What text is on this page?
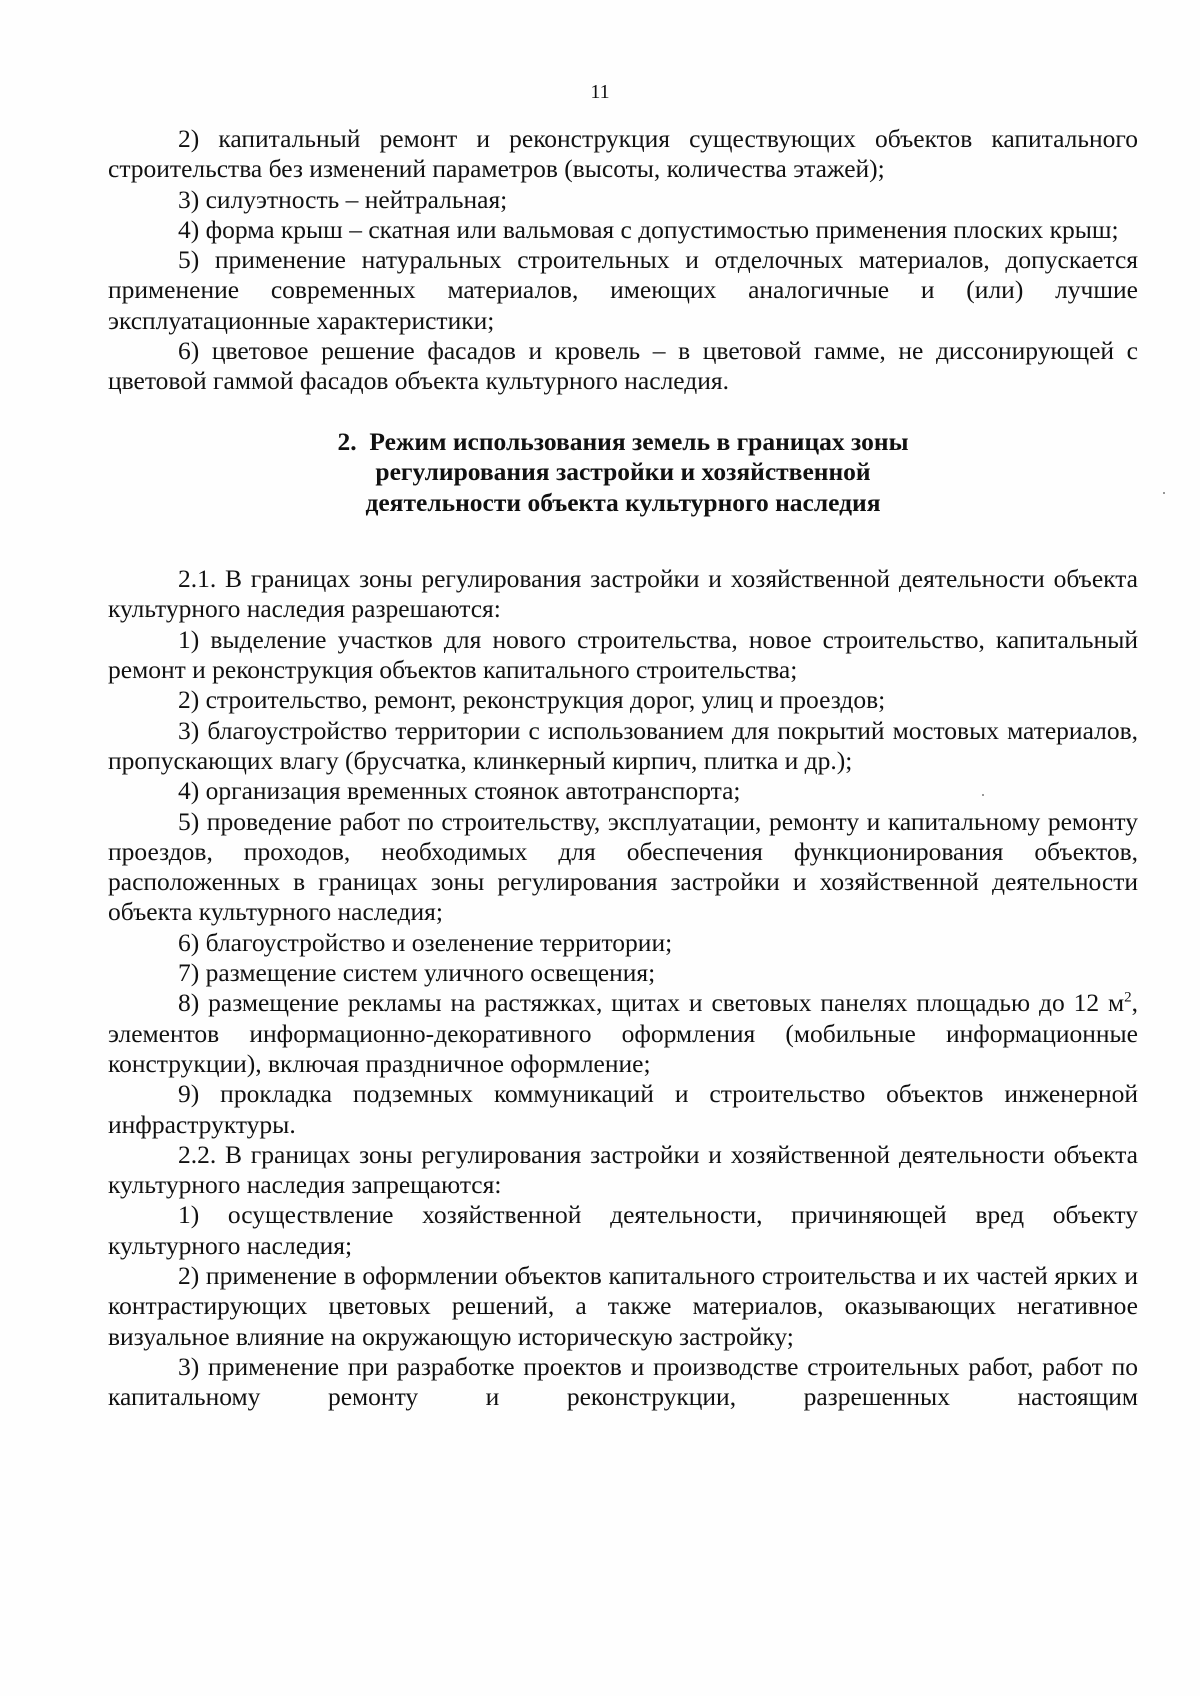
11

2) капитальный ремонт и реконструкция существующих объектов капитального строительства без изменений параметров (высоты, количества этажей);

3) силуэтность – нейтральная;

4) форма крыш – скатная или вальмовая с допустимостью применения плоских крыш;

5) применение натуральных строительных и отделочных материалов, допускается применение современных материалов, имеющих аналогичные и (или) лучшие эксплуатационные характеристики;

6) цветовое решение фасадов и кровель – в цветовой гамме, не диссонирующей с цветовой гаммой фасадов объекта культурного наследия.

2. Режим использования земель в границах зоны
регулирования застройки и хозяйственной
деятельности объекта культурного наследия

2.1. В границах зоны регулирования застройки и хозяйственной деятельности объекта культурного наследия разрешаются:

1) выделение участков для нового строительства, новое строительство, капитальный ремонт и реконструкция объектов капитального строительства;

2) строительство, ремонт, реконструкция дорог, улиц и проездов;

3) благоустройство территории с использованием для покрытий мостовых материалов, пропускающих влагу (брусчатка, клинкерный кирпич, плитка и др.);

4) организация временных стоянок автотранспорта;

5) проведение работ по строительству, эксплуатации, ремонту и капитальному ремонту проездов, проходов, необходимых для обеспечения функционирования объектов, расположенных в границах зоны регулирования застройки и хозяйственной деятельности объекта культурного наследия;

6) благоустройство и озеленение территории;

7) размещение систем уличного освещения;

8) размещение рекламы на растяжках, щитах и световых панелях площадью до 12 $м^2$, элементов информационно-декоративного оформления (мобильные информационные конструкции), включая праздничное оформление;

9) прокладка подземных коммуникаций и строительство объектов инженерной инфраструктуры.

2.2. В границах зоны регулирования застройки и хозяйственной деятельности объекта культурного наследия запрещаются:

1) осуществление хозяйственной деятельности, причиняющей вред объекту культурного наследия;

2) применение в оформлении объектов капитального строительства и их частей ярких и контрастирующих цветовых решений, а также материалов, оказывающих негативное визуальное влияние на окружающую историческую застройку;

3) применение при разработке проектов и производстве строительных работ, работ по капитальному ремонту и реконструкции, разрешенных настоящим
